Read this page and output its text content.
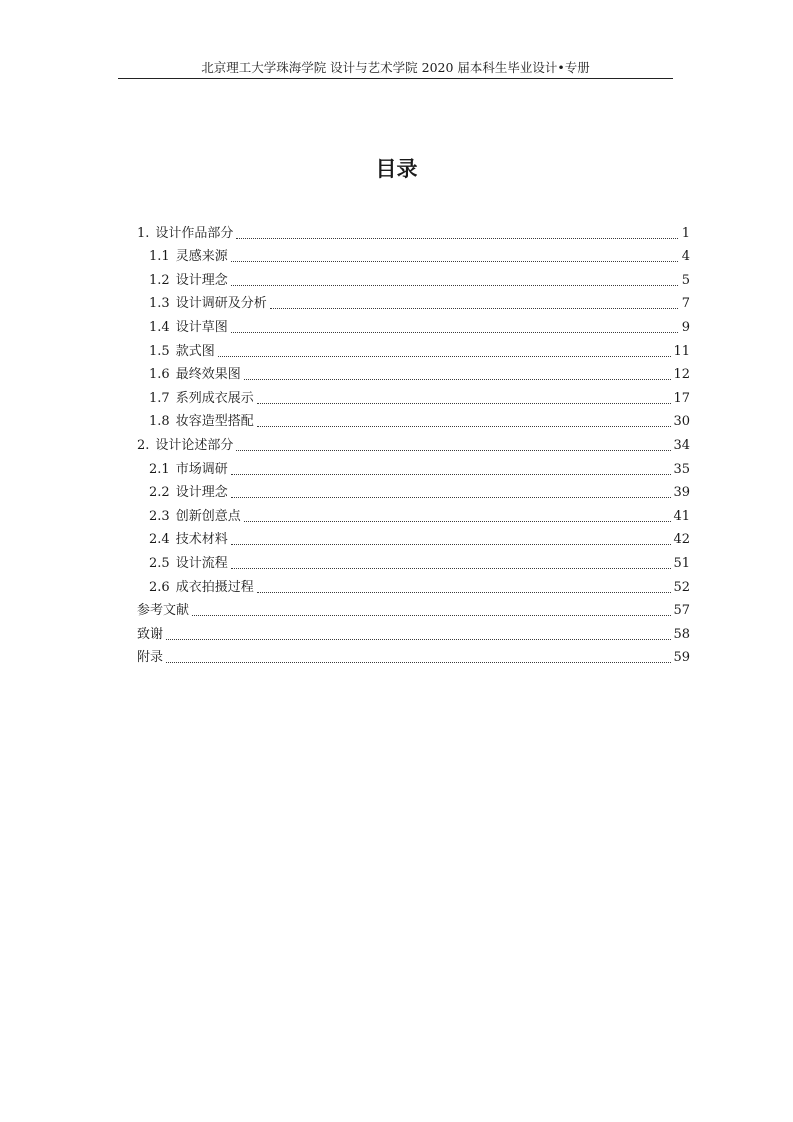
北京理工大学珠海学院 设计与艺术学院 2020 届本科生毕业设计•专册
目录
1. 设计作品部分	1
1.1 灵感来源	4
1.2 设计理念	5
1.3 设计调研及分析	7
1.4 设计草图	9
1.5 款式图	11
1.6 最终效果图	12
1.7 系列成衣展示	17
1.8 妆容造型搭配	30
2. 设计论述部分	34
2.1 市场调研	35
2.2 设计理念	39
2.3 创新创意点	41
2.4 技术材料	42
2.5 设计流程	51
2.6 成衣拍摄过程	52
参考文献	57
致谢	58
附录	59
